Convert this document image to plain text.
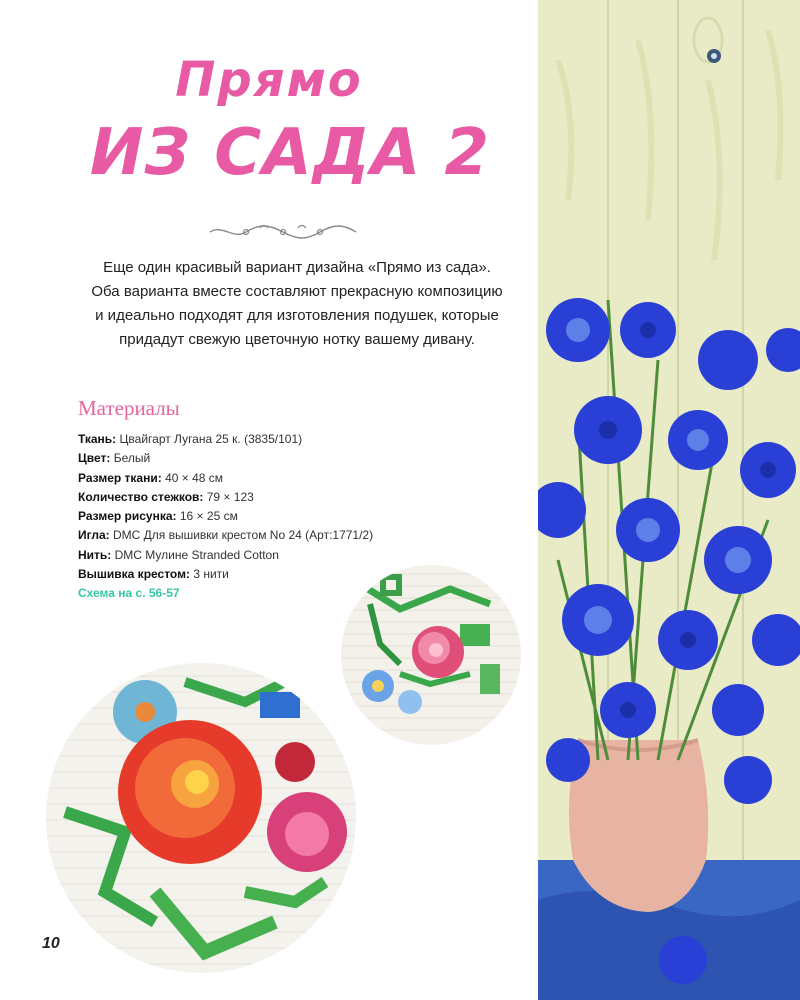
Прямо
ИЗ САДА 2
Еще один красивый вариант дизайна «Прямо из сада».
Оба варианта вместе составляют прекрасную композицию
и идеально подходят для изготовления подушек, которые
придадут свежую цветочную нотку вашему дивану.
Материалы
Ткань: Цвайгарт Лугана 25 к. (3835/101)
Цвет: Белый
Размер ткани: 40 × 48 см
Количество стежков: 79 × 123
Размер рисунка: 16 × 25 см
Игла: DMC Для вышивки крестом No 24 (Арт:1771/2)
Нить: DMC Мулине Stranded Cotton
Вышивка крестом: 3 нити
Схема на с. 56-57
10
